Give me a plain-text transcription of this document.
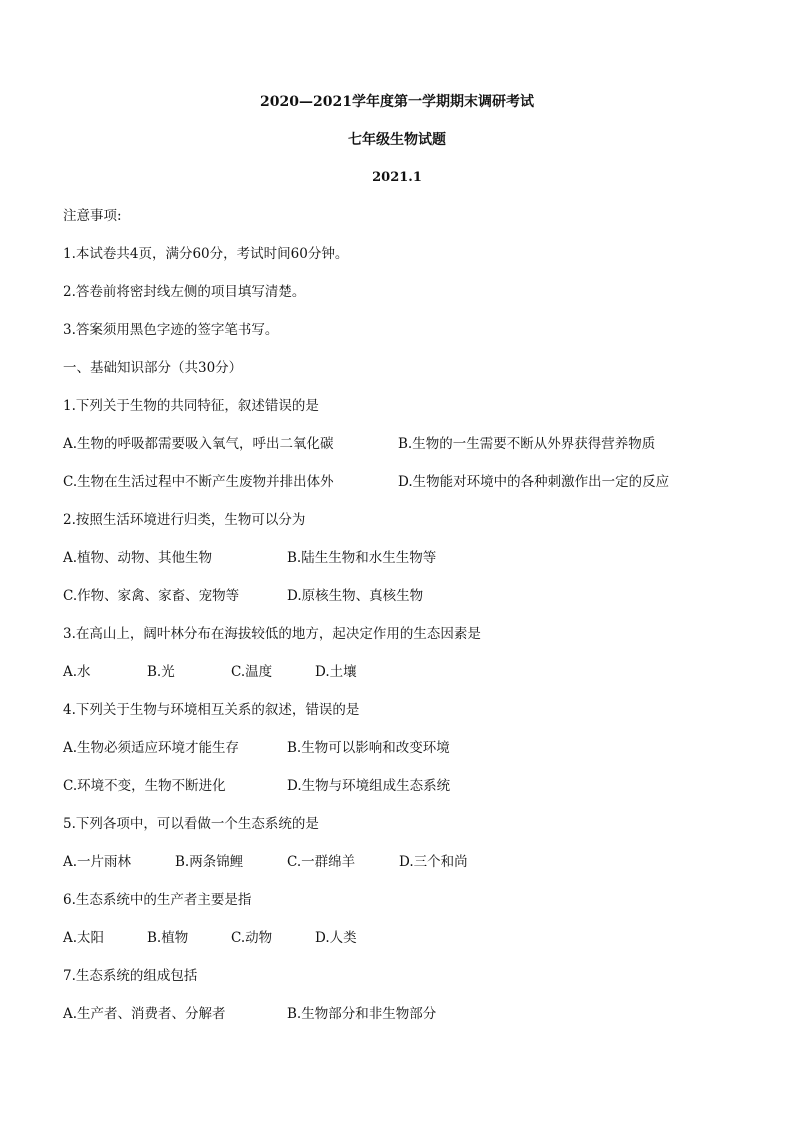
2020—2021学年度第一学期期末调研考试
七年级生物试题
2021.1
注意事项:
1.本试卷共4页，满分60分，考试时间60分钟。
2.答卷前将密封线左侧的项目填写清楚。
3.答案须用黑色字迹的签字笔书写。
一、基础知识部分（共30分）
1.下列关于生物的共同特征，叙述错误的是
A.生物的呼吸都需要吸入氧气，呼出二氧化碳	B.生物的一生需要不断从外界获得营养物质
C.生物在生活过程中不断产生废物并排出体外	D.生物能对环境中的各种刺激作出一定的反应
2.按照生活环境进行归类，生物可以分为
A.植物、动物、其他生物	B.陆生生物和水生生物等
C.作物、家禽、家畜、宠物等	D.原核生物、真核生物
3.在高山上，阔叶林分布在海拔较低的地方，起决定作用的生态因素是
A.水	B.光	C.温度	D.土壤
4.下列关于生物与环境相互关系的叙述，错误的是
A.生物必须适应环境才能生存	B.生物可以影响和改变环境
C.环境不变，生物不断进化	D.生物与环境组成生态系统
5.下列各项中，可以看做一个生态系统的是
A.一片雨林	B.两条锦鲤	C.一群绵羊	D.三个和尚
6.生态系统中的生产者主要是指
A.太阳	B.植物	C.动物	D.人类
7.生态系统的组成包括
A.生产者、消费者、分解者	B.生物部分和非生物部分
